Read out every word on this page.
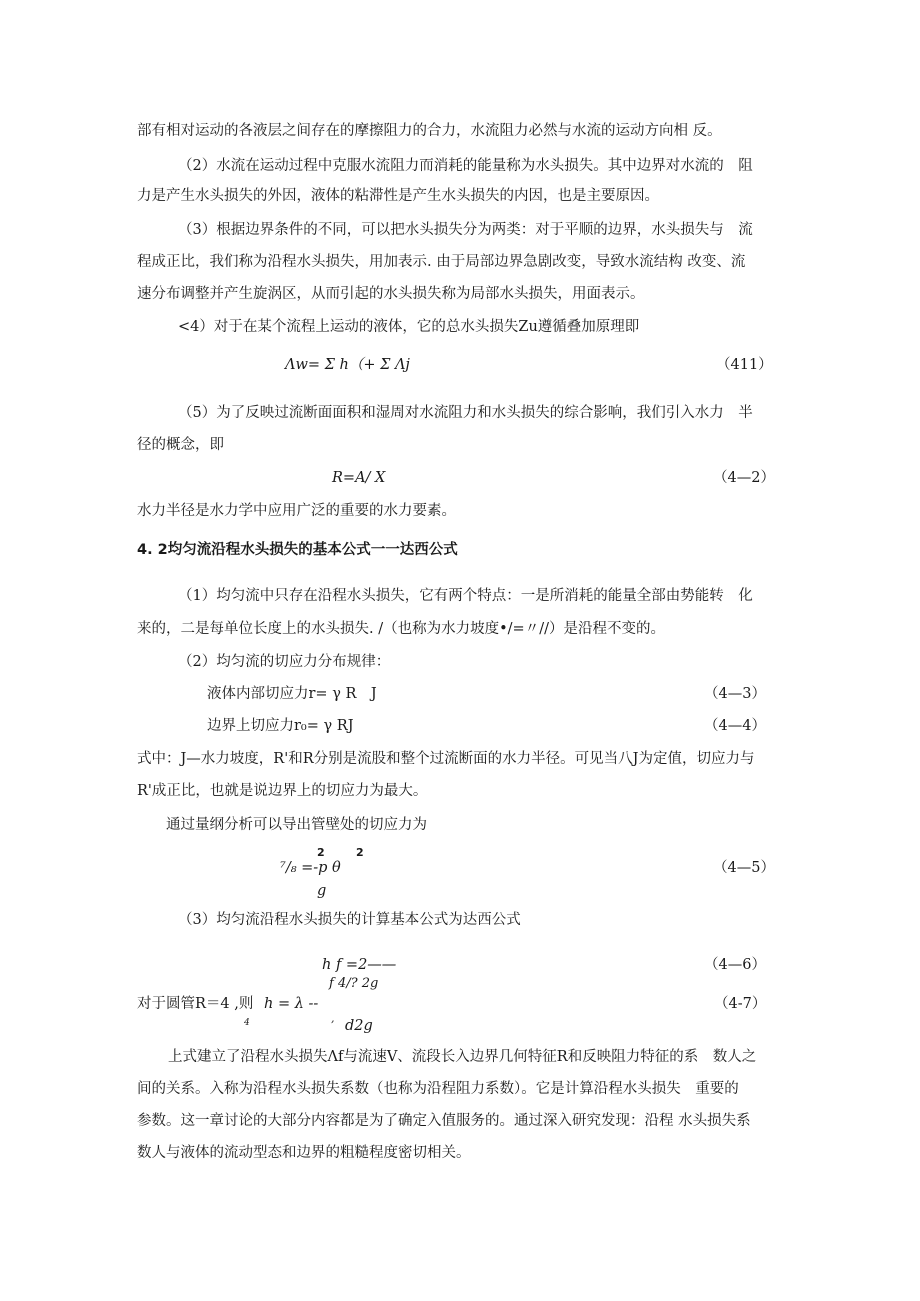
部有相对运动的各液层之间存在的摩擦阻力的合力，水流阻力必然与水流的运动方向相 反。
（2）水流在运动过程中克服水流阻力而消耗的能量称为水头损失。其中边界对水流的　阻
力是产生水头损失的外因，液体的粘滞性是产生水头损失的内因，也是主要原因。
（3）根据边界条件的不同，可以把水头损失分为两类：对于平顺的边界，水头损失与　流
程成正比，我们称为沿程水头损失，用加表示. 由于局部边界急剧改变，导致水流结构 改变、流
速分布调整并产生旋涡区，从而引起的水头损失称为局部水头损失，用面表示。
<4）对于在某个流程上运动的液体，它的总水头损失Zu遵循叠加原理即
Λw= Σ h（+ Σ Λj	（411）
（5）为了反映过流断面面积和湿周对水流阻力和水头损失的综合影响，我们引入水力　半
径的概念，即
R=A/ X	（4—2）
水力半径是水力学中应用广泛的重要的水力要素。
4. 2均匀流沿程水头损失的基本公式一一达西公式
（1）均匀流中只存在沿程水头损失，它有两个特点：一是所消耗的能量全部由势能转　化
来的，二是每单位长度上的水头损失. /（也称为水力坡度•/=〃//）是沿程不变的。
（2）均匀流的切应力分布规律：
液体内部切应力r= γ R　J	（4—3）
边界上切应力r₀= γ RJ	（4—4）
式中：J—水力坡度，R'和R分别是流股和整个过流断面的水力半径。可见当八J为定值，切应力与
R'成正比，也就是说边界上的切应力为最大。
通过量纲分析可以导出管壁处的切应力为
2	2
⁷/₈ =-p θ
g
（4—5）
（3）均匀流沿程水头损失的计算基本公式为达西公式
h f =2——	（4—6）
f 4/? 2g
对于圆管R＝4 ,则 h = λ --	（4-7）
4	, d2g
上式建立了沿程水头损失Λf与流速V、流段长入边界几何特征R和反映阻力特征的系　数人之
间的关系。入称为沿程水头损失系数（也称为沿程阻力系数）。它是计算沿程水头损失　重要的
参数。这一章讨论的大部分内容都是为了确定入值服务的。通过深入研究发现：沿程 水头损失系
数人与液体的流动型态和边界的粗糙程度密切相关。
